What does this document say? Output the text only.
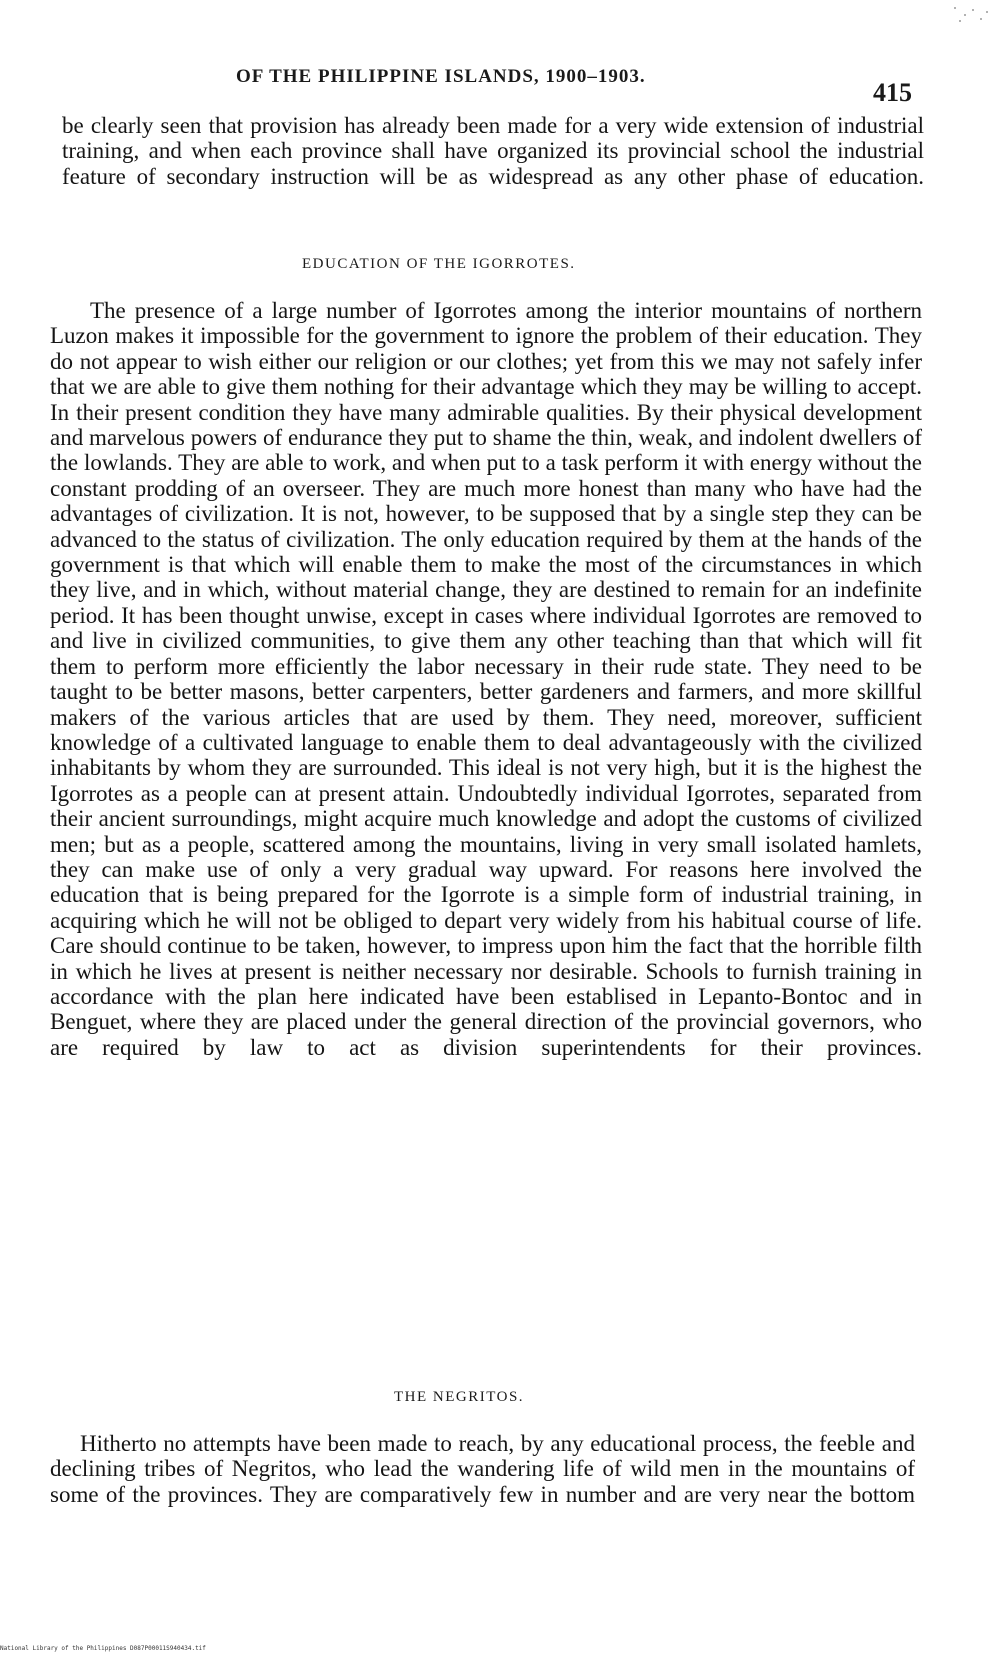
OF THE PHILIPPINE ISLANDS, 1900–1903.
415

be clearly seen that provision has already been made for a very wide extension of industrial training, and when each province shall have organized its provincial school the industrial feature of secondary instruction will be as widespread as any other phase of education.

EDUCATION OF THE IGORROTES.

The presence of a large number of Igorrotes among the interior mountains of northern Luzon makes it impossible for the government to ignore the problem of their education. They do not appear to wish either our religion or our clothes; yet from this we may not safely infer that we are able to give them nothing for their advantage which they may be willing to accept. In their present condition they have many admirable qualities. By their physical development and marvelous powers of endurance they put to shame the thin, weak, and indolent dwellers of the lowlands. They are able to work, and when put to a task perform it with energy without the constant prodding of an overseer. They are much more honest than many who have had the advantages of civilization. It is not, however, to be supposed that by a single step they can be advanced to the status of civilization. The only education required by them at the hands of the government is that which will enable them to make the most of the circumstances in which they live, and in which, without material change, they are destined to remain for an indefinite period. It has been thought unwise, except in cases where individual Igorrotes are removed to and live in civilized communities, to give them any other teaching than that which will fit them to perform more efficiently the labor necessary in their rude state. They need to be taught to be better masons, better carpenters, better gardeners and farmers, and more skillful makers of the various articles that are used by them. They need, moreover, sufficient knowledge of a cultivated language to enable them to deal advantageously with the civilized inhabitants by whom they are surrounded. This ideal is not very high, but it is the highest the Igorrotes as a people can at present attain. Undoubtedly individual Igorrotes, separated from their ancient surroundings, might acquire much knowledge and adopt the customs of civilized men; but as a people, scattered among the mountains, living in very small isolated hamlets, they can make use of only a very gradual way upward. For reasons here involved the education that is being prepared for the Igorrote is a simple form of industrial training, in acquiring which he will not be obliged to depart very widely from his habitual course of life. Care should continue to be taken, however, to impress upon him the fact that the horrible filth in which he lives at present is neither necessary nor desirable. Schools to furnish training in accordance with the plan here indicated have been establised in Lepanto-Bontoc and in Benguet, where they are placed under the general direction of the provincial governors, who are required by law to act as division superintendents for their provinces.

THE NEGRITOS.

Hitherto no attempts have been made to reach, by any educational process, the feeble and declining tribes of Negritos, who lead the wandering life of wild men in the mountains of some of the provinces. They are comparatively few in number and are very near the bottom

National Library of the Philippines D087P00011S940434.tif
